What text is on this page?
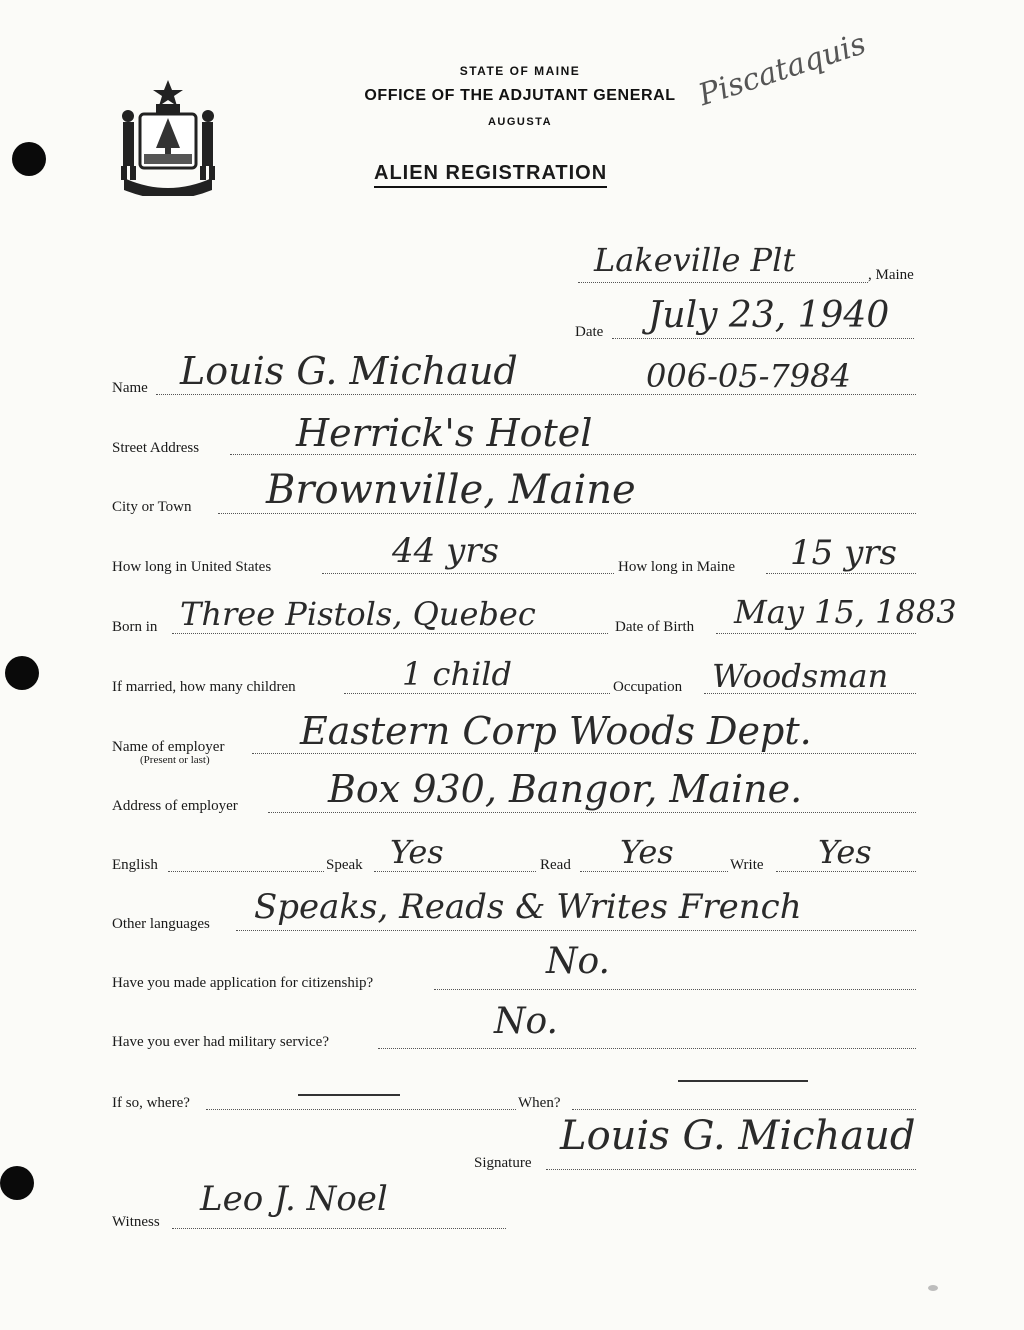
STATE OF MAINE
OFFICE OF THE ADJUTANT GENERAL
AUGUSTA
ALIEN REGISTRATION
Piscataquis
Lakeville Plt	, Maine
Date July 23, 1940
Name Louis G. Michaud	006-05-7984
Street Address	Herrick's Hotel
City or Town Brownville, Maine
How long in United States	44 yrs	How long in Maine 15 yrs
Born in Three Pistols, Quebec	Date of Birth May 15, 1883
If married, how many children	1 child	Occupation Woodsman
Name of employer
(Present or last)
Eastern Corp Woods Dept.
Address of employer Box 930, Bangor, Maine.
English	Speak Yes	Read Yes	Write Yes
Other languages Speaks, Reads & Writes French
Have you made application for citizenship?
No.
Have you ever had military service?	No.
If so, where?	When?
Signature
Louis G. Michaud
Witness
Leo J. Noel
